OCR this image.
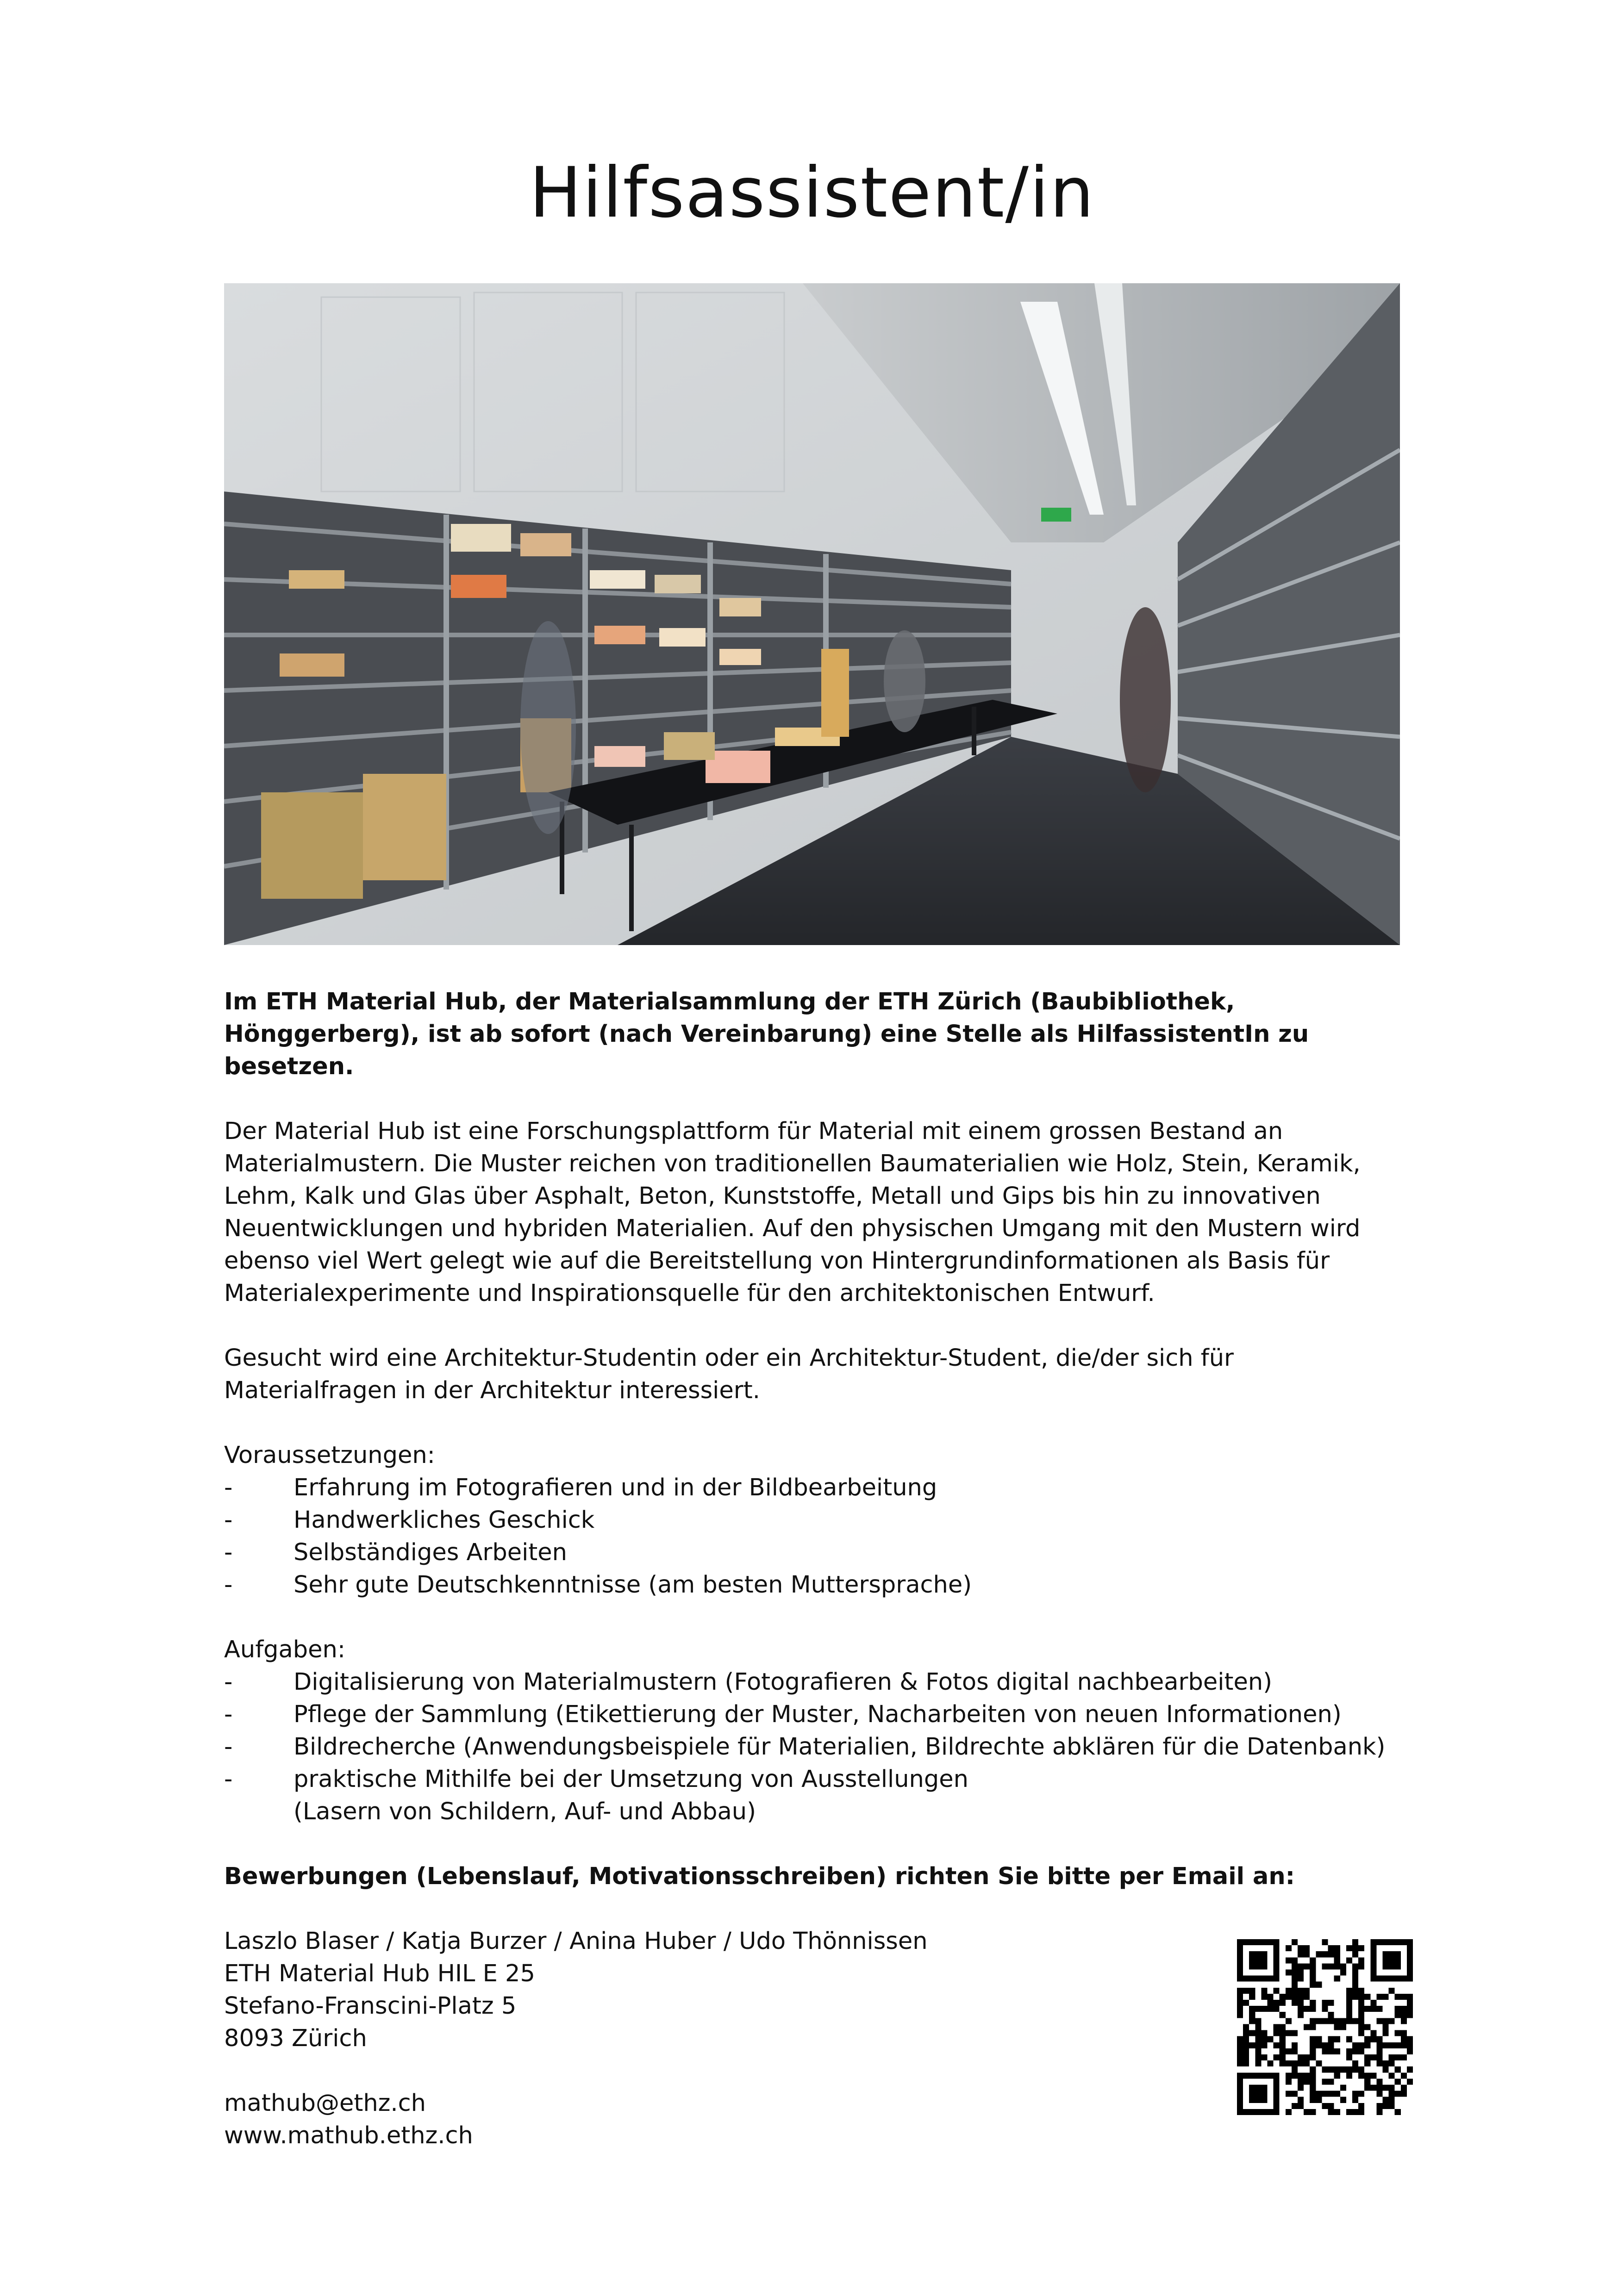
Hilfsassistent/in

Im ETH Material Hub, der Materialsammlung der ETH Zürich (Baubibliothek, Hönggerberg), ist ab sofort (nach Vereinbarung) eine Stelle als HilfassistentIn zu besetzen.

Der Material Hub ist eine Forschungsplattform für Material mit einem grossen Bestand an Materialmustern. Die Muster reichen von traditionellen Baumaterialien wie Holz, Stein, Keramik, Lehm, Kalk und Glas über Asphalt, Beton, Kunststoffe, Metall und Gips bis hin zu innovativen Neuentwicklungen und hybriden Materialien. Auf den physischen Umgang mit den Mustern wird ebenso viel Wert gelegt wie auf die Bereitstellung von Hintergrundinformationen als Basis für Materialexperimente und Inspirationsquelle für den architektonischen Entwurf.

Gesucht wird eine Architektur-Studentin oder ein Architektur-Student, die/der sich für Materialfragen in der Architektur interessiert.

Voraussetzungen:

-	Erfahrung im Fotografieren und in der Bildbearbeitung
-	Handwerkliches Geschick
-	Selbständiges Arbeiten
-	Sehr gute Deutschkenntnisse (am besten Muttersprache)

Aufgaben:

-	Digitalisierung von Materialmustern (Fotografieren & Fotos digital nachbearbeiten)
-	Pflege der Sammlung (Etikettierung der Muster, Nacharbeiten von neuen Informationen)
-	Bildrecherche (Anwendungsbeispiele für Materialien, Bildrechte abklären für die Datenbank)
-	praktische Mithilfe bei der Umsetzung von Ausstellungen
(Lasern von Schildern, Auf- und Abbau)

Bewerbungen (Lebenslauf, Motivationsschreiben) richten Sie bitte per Email an:

Laszlo Blaser / Katja Burzer / Anina Huber / Udo Thönnissen

ETH Material Hub HIL E 25

Stefano-Franscini-Platz 5

8093 Zürich

mathub@ethz.ch

www.mathub.ethz.ch
